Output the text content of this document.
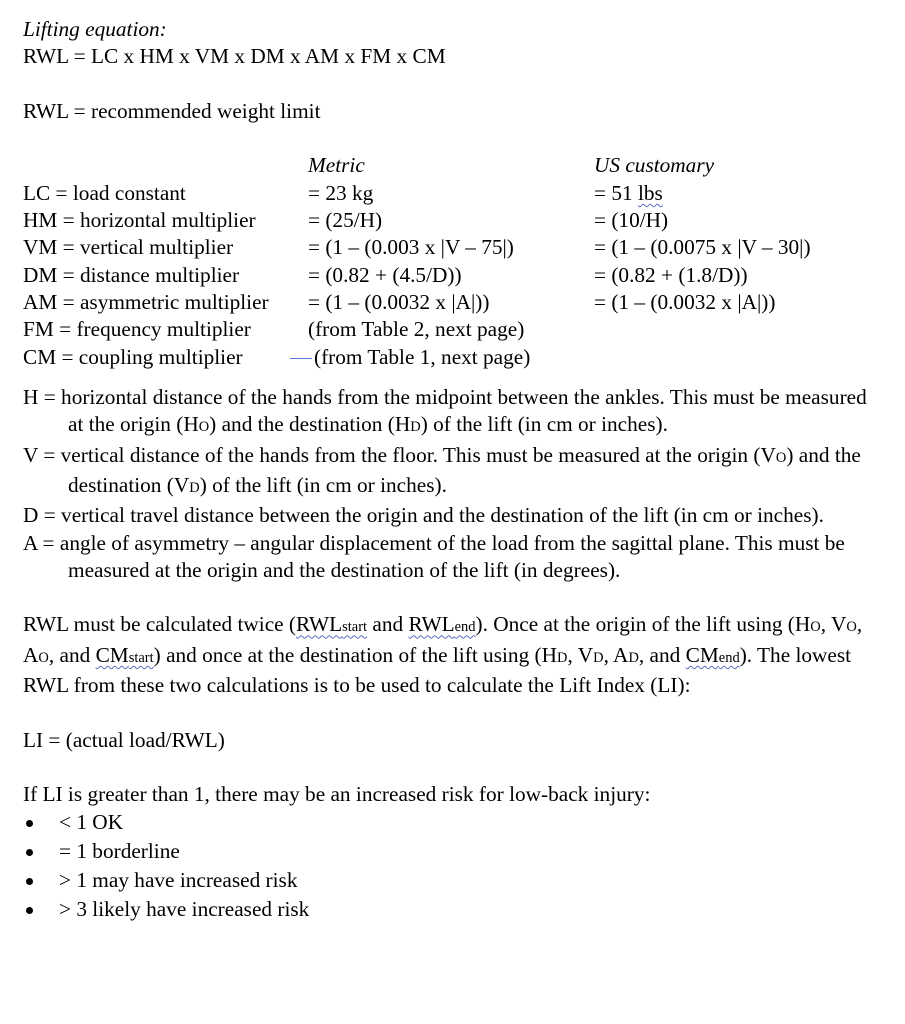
Lifting equation:
RWL = LC x HM x VM x DM x AM x FM x CM
RWL = recommended weight limit
LC = load constant
HM = horizontal multiplier
VM = vertical multiplier
DM = distance multiplier
AM = asymmetric multiplier
FM = frequency multiplier
CM = coupling multiplier
Metric
= 23 kg
= (25/H)
= (1 – (0.003 x |V – 75|)
= (0.82 + (4.5/D))
= (1 – (0.0032 x |A|))
(from Table 2, next page)
(from Table 1, next page)
US customary
= 51 lbs
= (10/H)
= (1 – (0.0075 x |V – 30|)
= (0.82 + (1.8/D))
= (1 – (0.0032 x |A|))
H = horizontal distance of the hands from the midpoint between the ankles. This must be measured at the origin (HO) and the destination (HD) of the lift (in cm or inches).
V = vertical distance of the hands from the floor. This must be measured at the origin (VO) and the destination (VD) of the lift (in cm or inches).
D = vertical travel distance between the origin and the destination of the lift (in cm or inches).
A = angle of asymmetry – angular displacement of the load from the sagittal plane. This must be measured at the origin and the destination of the lift (in degrees).

RWL must be calculated twice (RWLstart and RWLend). Once at the origin of the lift using (HO, VO, AO, and CMstart) and once at the destination of the lift using (HD, VD, AD, and CMend). The lowest RWL from these two calculations is to be used to calculate the Lift Index (LI):

LI = (actual load/RWL)
If LI is greater than 1, there may be an increased risk for low-back injury:
< 1 OK
= 1 borderline
> 1 may have increased risk
> 3 likely have increased risk
